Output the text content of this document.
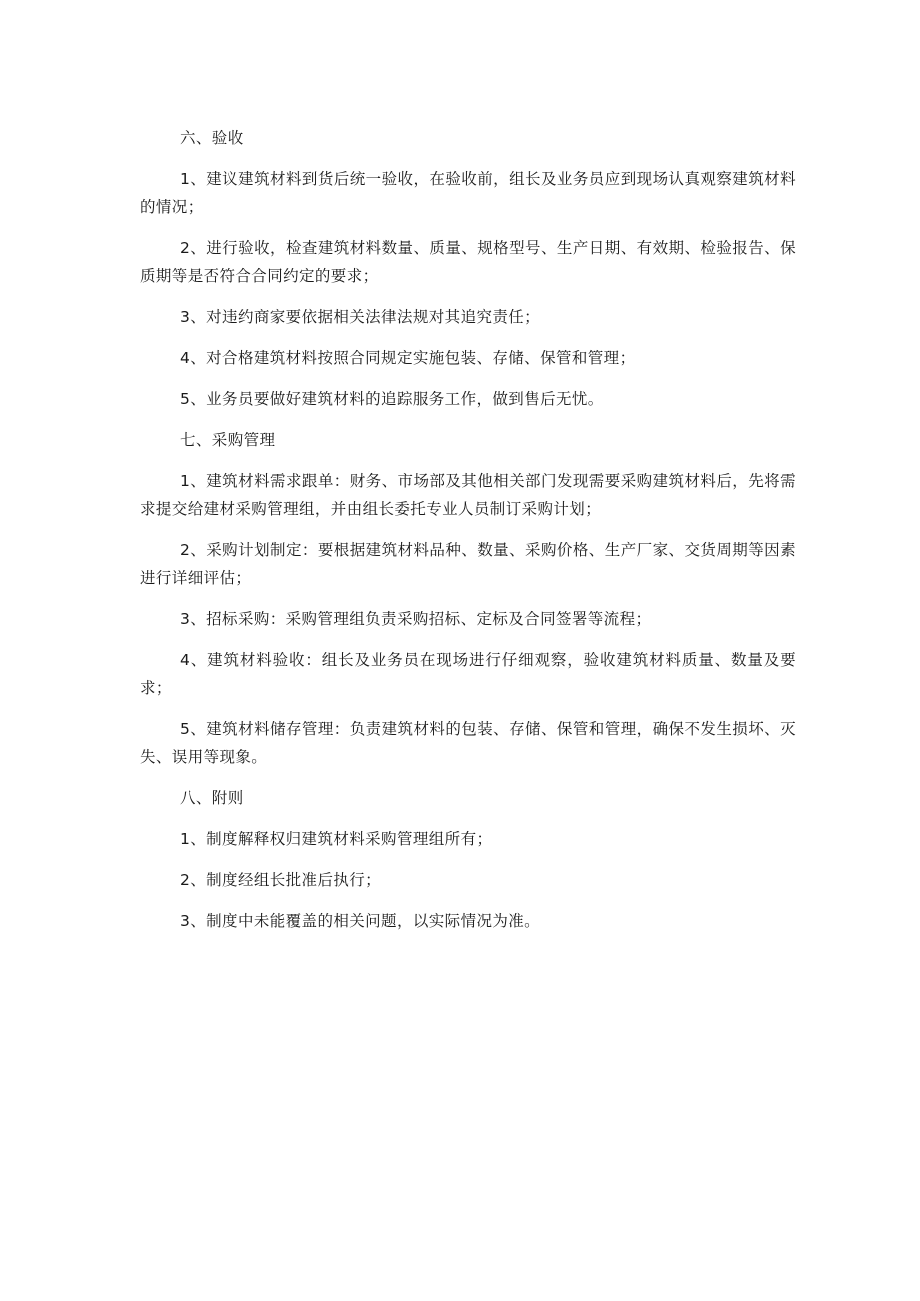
六、验收

1、建议建筑材料到货后统一验收，在验收前，组长及业务员应到现场认真观察建筑材料的情况；

2、进行验收，检查建筑材料数量、质量、规格型号、生产日期、有效期、检验报告、保质期等是否符合合同约定的要求；

3、对违约商家要依据相关法律法规对其追究责任；

4、对合格建筑材料按照合同规定实施包装、存储、保管和管理；

5、业务员要做好建筑材料的追踪服务工作，做到售后无忧。

七、采购管理

1、建筑材料需求跟单：财务、市场部及其他相关部门发现需要采购建筑材料后，先将需求提交给建材采购管理组，并由组长委托专业人员制订采购计划；

2、采购计划制定：要根据建筑材料品种、数量、采购价格、生产厂家、交货周期等因素进行详细评估；

3、招标采购：采购管理组负责采购招标、定标及合同签署等流程；

4、建筑材料验收：组长及业务员在现场进行仔细观察，验收建筑材料质量、数量及要求；

5、建筑材料储存管理：负责建筑材料的包装、存储、保管和管理，确保不发生损坏、灭失、误用等现象。

八、附则

1、制度解释权归建筑材料采购管理组所有；

2、制度经组长批准后执行；

3、制度中未能覆盖的相关问题，以实际情况为准。
